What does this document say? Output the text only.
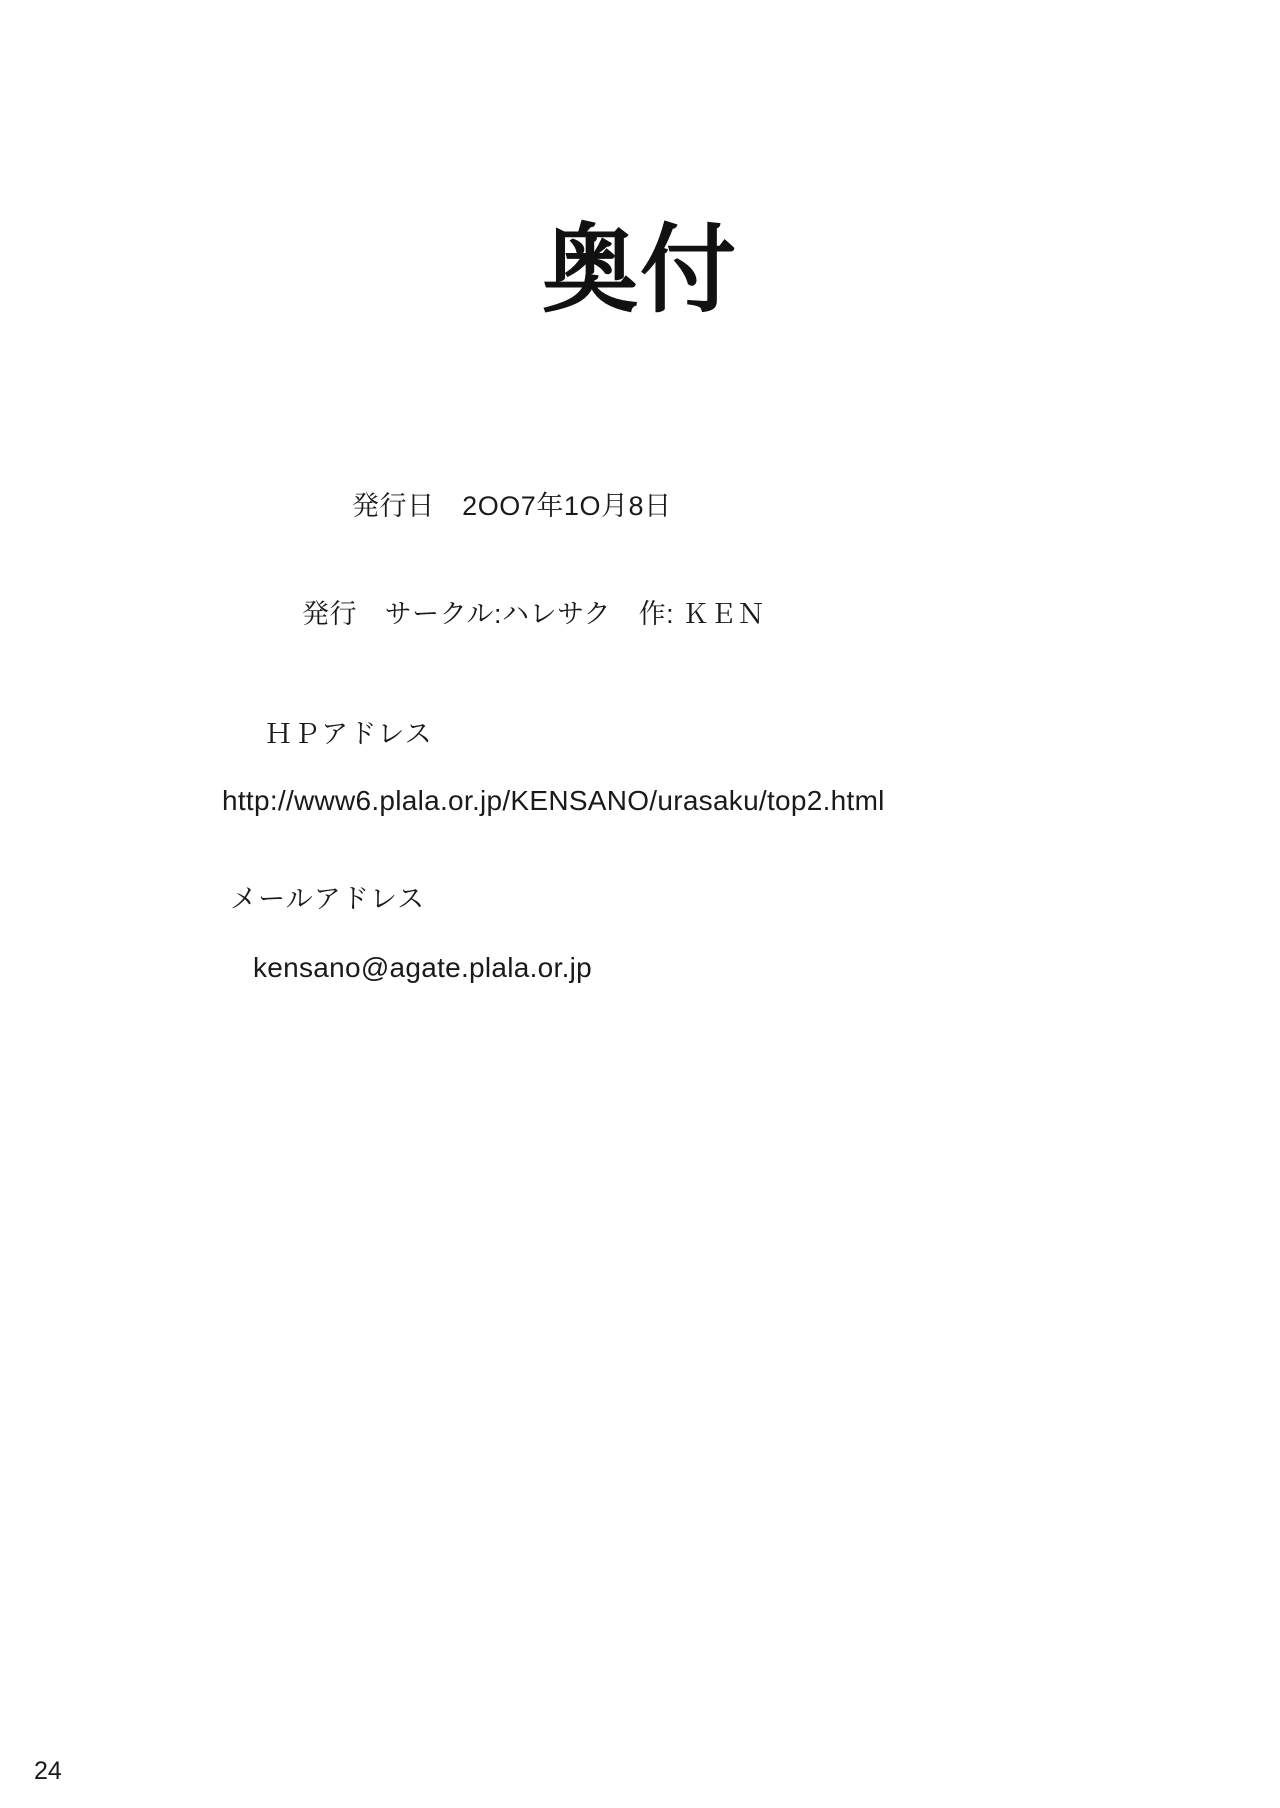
奥付
発行日　2OO7年1O月8日
発行　サークル:ハレサク　作: ＫＥＮ
ＨＰアドレス
http://www6.plala.or.jp/KENSANO/urasaku/top2.html
メールアドレス
kensano@agate.plala.or.jp
24
